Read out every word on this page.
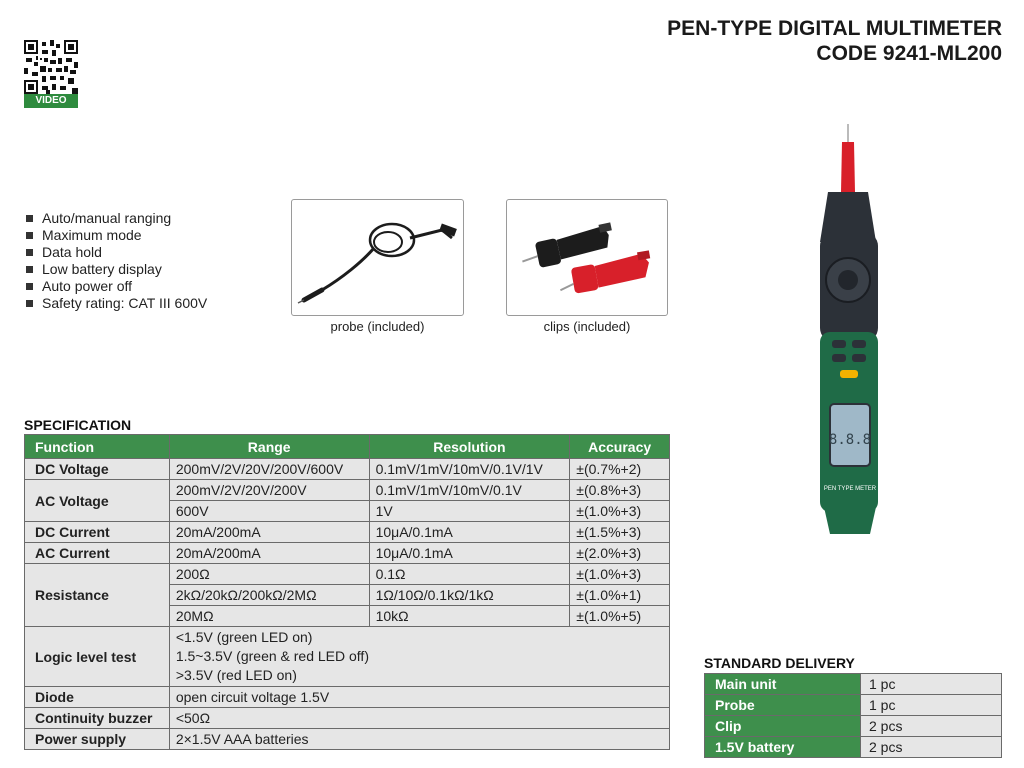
PEN-TYPE DIGITAL MULTIMETER
CODE 9241-ML200
VIDEO
Auto/manual ranging
Maximum mode
Data hold
Low battery display
Auto power off
Safety rating: CAT III 600V
probe (included)	clips (included)
8.8.8
PEN TYPE METER
SPECIFICATION
Function	Range	Resolution	Accuracy
DC Voltage	200mV/2V/20V/200V/600V	0.1mV/1mV/10mV/0.1V/1V	±(0.7%+2)
AC Voltage	200mV/2V/20V/200V	0.1mV/1mV/10mV/0.1V	±(0.8%+3)
	600V	1V	±(1.0%+3)
DC Current	20mA/200mA	10μA/0.1mA	±(1.5%+3)
AC Current	20mA/200mA	10μA/0.1mA	±(2.0%+3)
Resistance	200Ω	0.1Ω	±(1.0%+3)
	2kΩ/20kΩ/200kΩ/2MΩ	1Ω/10Ω/0.1kΩ/1kΩ	±(1.0%+1)
	20MΩ	10kΩ	±(1.0%+5)
Logic level test	<1.5V (green LED on)
1.5~3.5V (green & red LED off)
>3.5V (red LED on)		

Diode	open circuit voltage 1.5V		
Continuity buzzer	<50Ω		
Power supply	2×1.5V AAA batteries		
STANDARD DELIVERY
Main unit	1 pc
Probe	1 pc
Clip	2 pcs
1.5V battery	2 pcs
